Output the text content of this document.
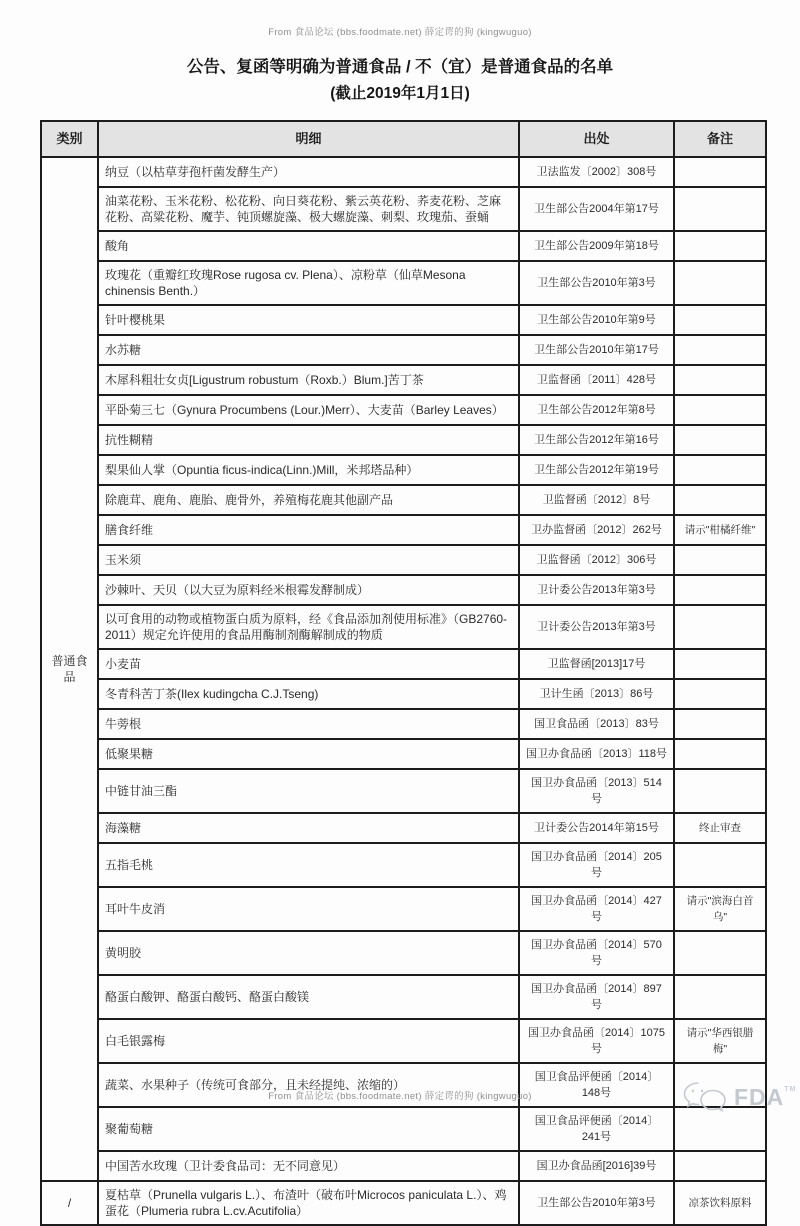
From 食品论坛 (bbs.foodmate.net) 薛定谔的狗 (kingwuguo)
公告、复函等明确为普通食品 / 不（宜）是普通食品的名单
(截止2019年1月1日)
类别	明细	出处	备注
普通食品	纳豆（以枯草芽孢杆菌发酵生产）	卫法监发〔2002〕308号	
	油菜花粉、玉米花粉、松花粉、向日葵花粉、紫云英花粉、荞麦花粉、芝麻花粉、高粱花粉、魔芋、钝顶螺旋藻、极大螺旋藻、刺梨、玫瑰茄、蚕蛹	卫生部公告2004年第17号	
	酸角	卫生部公告2009年第18号	
	玫瑰花（重瓣红玫瑰Rose rugosa cv. Plena）、凉粉草（仙草Mesona chinensis Benth.）	卫生部公告2010年第3号	
	针叶樱桃果	卫生部公告2010年第9号	
	水苏糖	卫生部公告2010年第17号	
	木犀科粗壮女贞[Ligustrum robustum（Roxb.）Blum.]苦丁茶	卫监督函〔2011〕428号	
	平卧菊三七（Gynura Procumbens (Lour.)Merr）、大麦苗（Barley Leaves）	卫生部公告2012年第8号	
	抗性糊精	卫生部公告2012年第16号	
	梨果仙人掌（Opuntia ficus-indica(Linn.)Mill，米邦塔品种）	卫生部公告2012年第19号	
	除鹿茸、鹿角、鹿胎、鹿骨外，养殖梅花鹿其他副产品	卫监督函〔2012〕8号	
	膳食纤维	卫办监督函〔2012〕262号	请示"柑橘纤维"
	玉米须	卫监督函〔2012〕306号	
	沙棘叶、天贝（以大豆为原料经米根霉发酵制成）	卫计委公告2013年第3号	
	以可食用的动物或植物蛋白质为原料，经《食品添加剂使用标准》（GB2760-2011）规定允许使用的食品用酶制剂酶解制成的物质	卫计委公告2013年第3号	
	小麦苗	卫监督函[2013]17号	
	冬青科苦丁茶(Ilex kudingcha C.J.Tseng)	卫计生函〔2013〕86号	
	牛蒡根	国卫食品函〔2013〕83号	
	低聚果糖	国卫办食品函〔2013〕118号	
	中链甘油三酯	国卫办食品函〔2013〕514号	
	海藻糖	卫计委公告2014年第15号	终止审查
	五指毛桃	国卫办食品函〔2014〕205号	
	耳叶牛皮消	国卫办食品函〔2014〕427号	请示"滨海白首乌"
	黄明胶	国卫办食品函〔2014〕570号	
	酪蛋白酸钾、酪蛋白酸钙、酪蛋白酸镁	国卫办食品函〔2014〕897号	
	白毛银露梅	国卫办食品函〔2014〕1075号	请示"华西银腊梅"
	蔬菜、水果种子（传统可食部分，且未经提纯、浓缩的）	国卫食品评便函〔2014〕148号	
	聚葡萄糖	国卫食品评便函〔2014〕241号	
	中国苦水玫瑰（卫计委食品司：无不同意见）	国卫办食品函[2016]39号	
/	夏枯草（Prunella vulgaris L.）、布渣叶（破布叶Microcos paniculata L.）、鸡蛋花（Plumeria rubra L.cv.Acutifolia）	卫生部公告2010年第3号	凉茶饮料原料
FDA™
From 食品论坛 (bbs.foodmate.net) 薛定谔的狗 (kingwuguo)
